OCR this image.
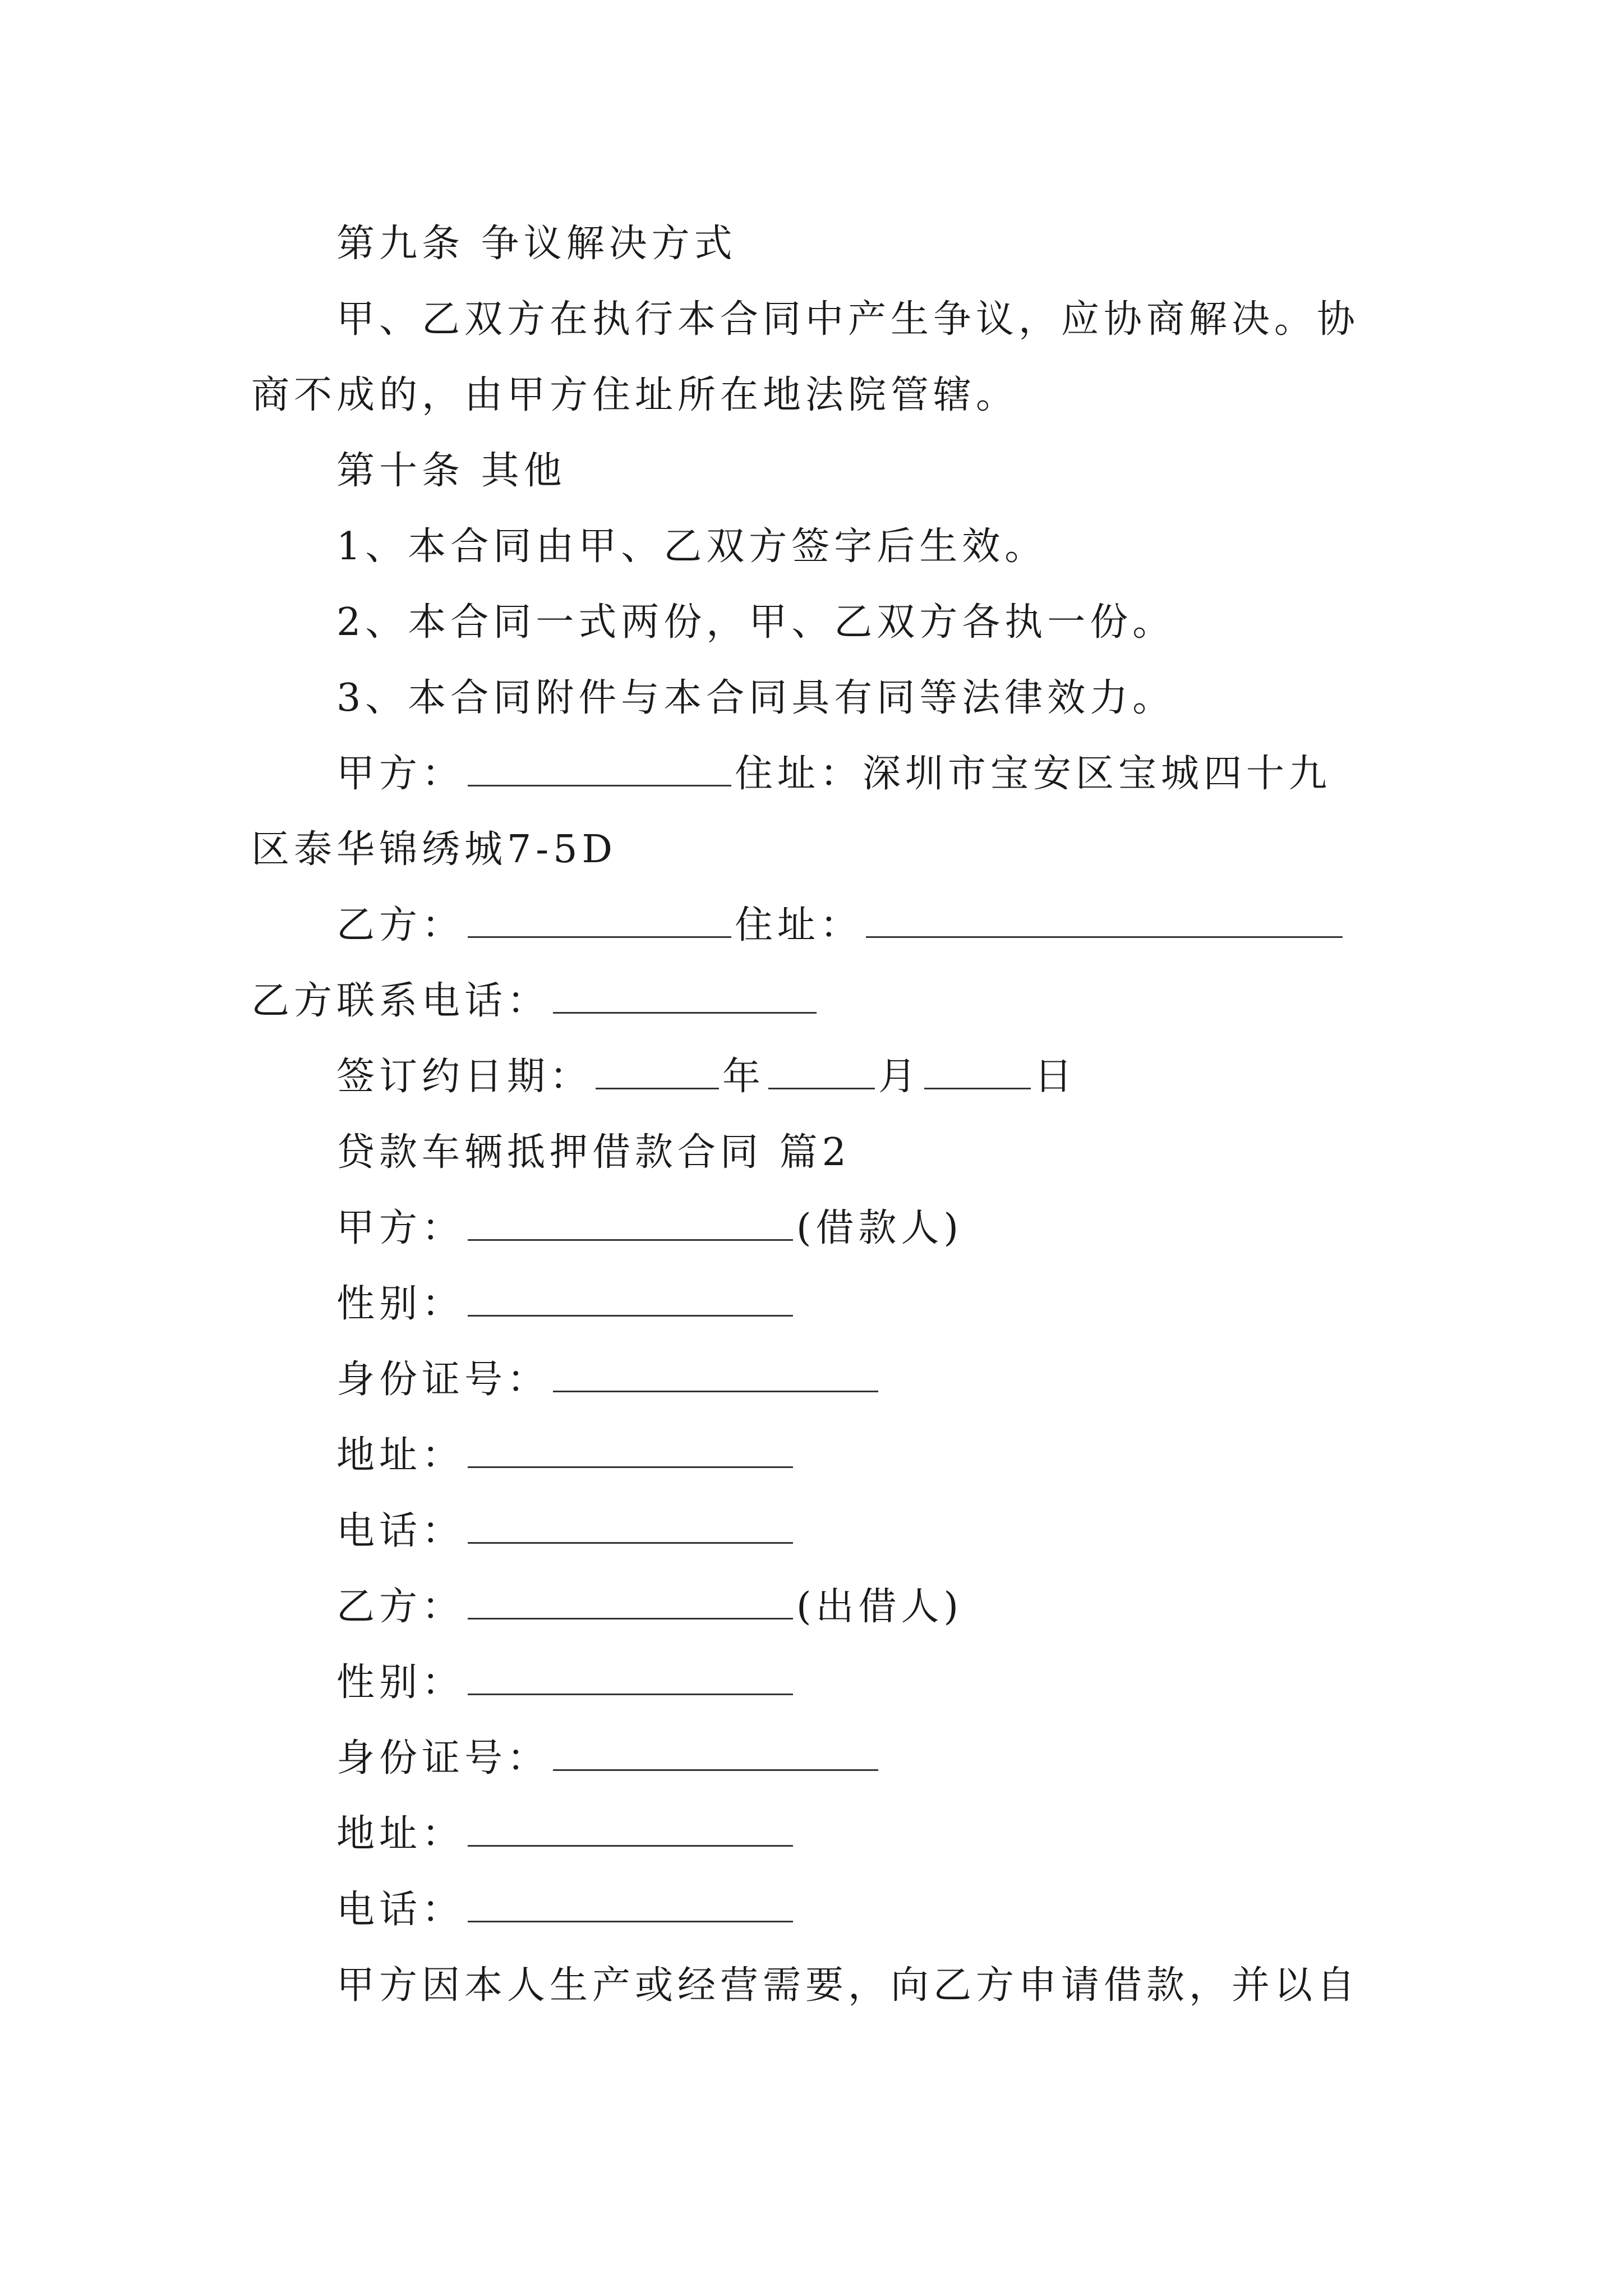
第九条 争议解决方式
甲、乙双方在执行本合同中产生争议，应协商解决。协
商不成的，由甲方住址所在地法院管辖。
第十条 其他
1、本合同由甲、乙双方签字后生效。
2、本合同一式两份，甲、乙双方各执一份。
3、本合同附件与本合同具有同等法律效力。
甲方：	住址：深圳市宝安区宝城四十九
区泰华锦绣城7-5D
乙方：	住址：
乙方联系电话：
签订约日期：	年	月	日
贷款车辆抵押借款合同 篇2
甲方：	(借款人)
性别：
身份证号：
地址：
电话：
乙方：	(出借人)
性别：
身份证号：
地址：
电话：
甲方因本人生产或经营需要，向乙方申请借款，并以自
